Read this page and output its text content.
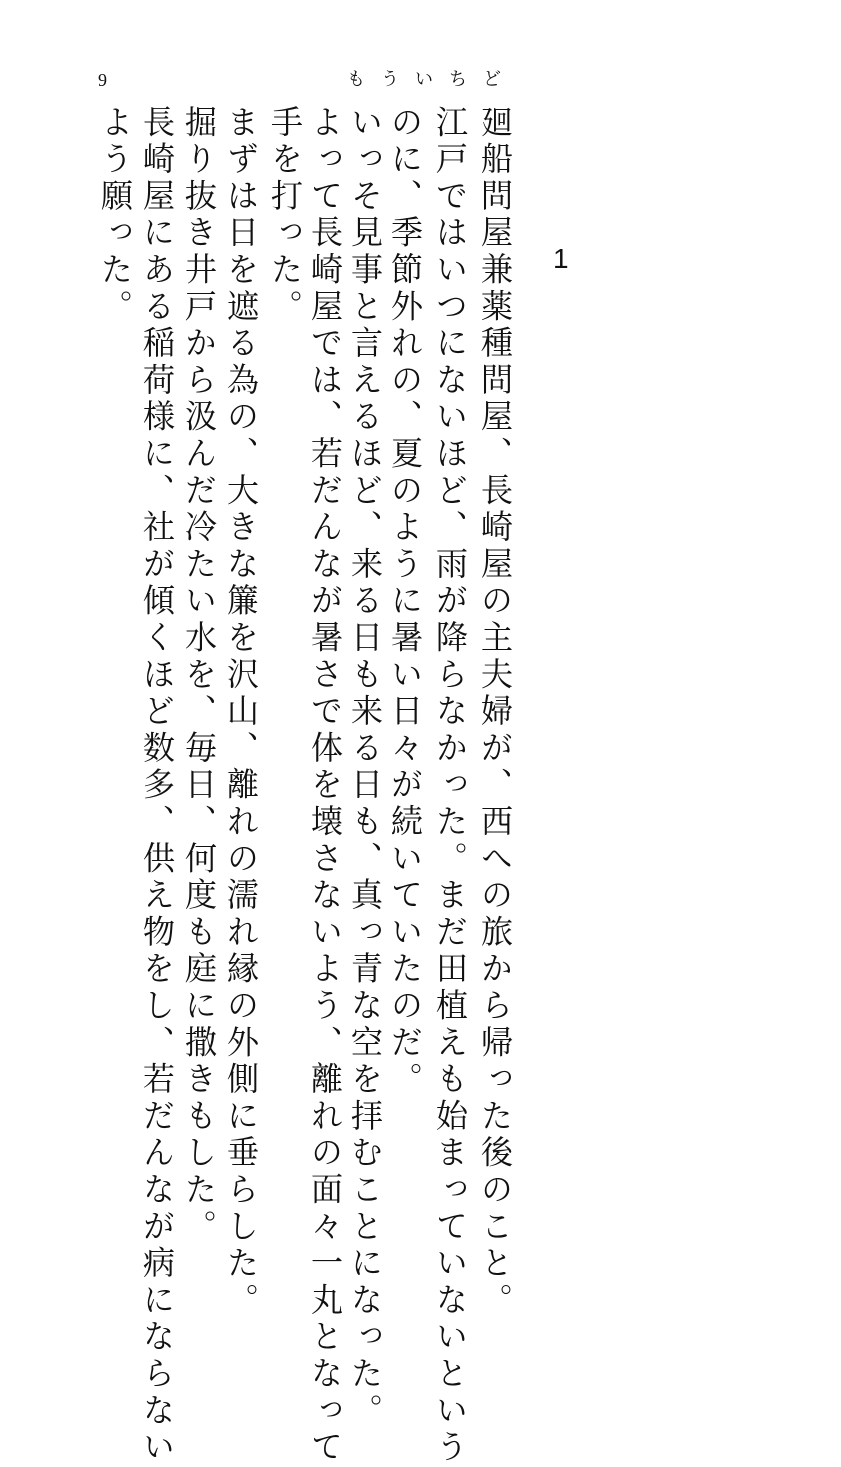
9	もういちど
1
廻船問屋兼薬種問屋、長崎屋の主夫婦が、西への旅から帰った後のこと。
江戸ではいつにないほど、雨が降らなかった。まだ田植えも始まっていないという
のに、季節外れの、夏のように暑い日々が続いていたのだ。
いっそ見事と言えるほど、来る日も来る日も、真っ青な空を拝むことになった。
よって長崎屋では、若だんなが暑さで体を壊さないよう、離れの面々一丸となって
手を打った。
まずは日を遮る為の、大きな簾を沢山、離れの濡れ縁の外側に垂らした。
掘り抜き井戸から汲んだ冷たい水を、毎日、何度も庭に撒きもした。
長崎屋にある稲荷様に、社が傾くほど数多、供え物をし、若だんなが病にならない
よう願った。
